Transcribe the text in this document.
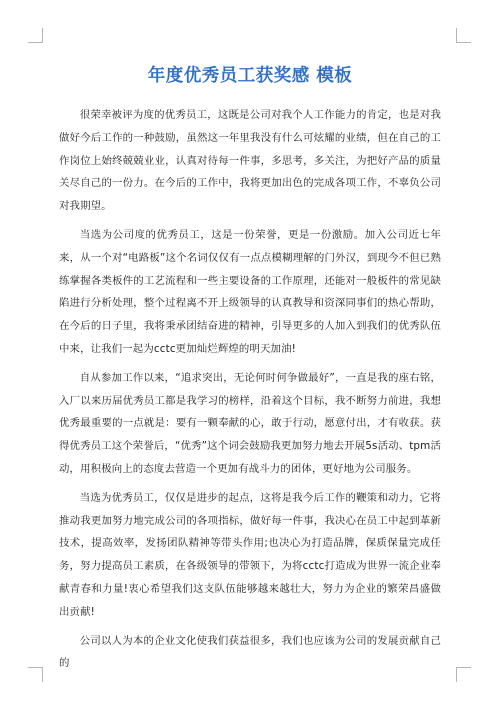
年度优秀员工获奖感 模板

很荣幸被评为度的优秀员工，这既是公司对我个人工作能力的肯定，也是对我做好今后工作的一种鼓励，虽然这一年里我没有什么可炫耀的业绩，但在自己的工作岗位上始终兢兢业业，认真对待每一件事，多思考，多关注，为把好产品的质量关尽自己的一份力。在今后的工作中，我将更加出色的完成各项工作，不辜负公司对我期望。

当选为公司度的优秀员工，这是一份荣誉，更是一份激励。加入公司近七年来，从一个对“电路板”这个名词仅仅有一点点模糊理解的门外汉，到现今不但已熟练掌握各类板件的工艺流程和一些主要设备的工作原理，还能对一般板件的常见缺陷进行分析处理，整个过程离不开上级领导的认真教导和资深同事们的热心帮助，在今后的日子里，我将秉承团结奋进的精神，引导更多的人加入到我们的优秀队伍中来，让我们一起为cctc更加灿烂辉煌的明天加油!

自从参加工作以来，“追求突出，无论何时何争做最好”，一直是我的座右铭，入厂以来历届优秀员工都是我学习的榜样，沿着这个目标，我不断努力前进，我想优秀最重要的一点就是：要有一颗奉献的心，敢于行动，愿意付出，才有收获。获得优秀员工这个荣誉后，“优秀”这个词会鼓励我更加努力地去开展5s活动、tpm活动，用积极向上的态度去营造一个更加有战斗力的团体，更好地为公司服务。

当选为优秀员工，仅仅是进步的起点，这将是我今后工作的鞭策和动力，它将推动我更加努力地完成公司的各项指标，做好每一件事，我决心在员工中起到革新技术，提高效率，发扬团队精神等带头作用;也决心为打造品牌，保质保量完成任务，努力提高员工素质，在各级领导的带领下，为将cctc打造成为世界一流企业奉献青春和力量!衷心希望我们这支队伍能够越来越壮大，努力为企业的繁荣昌盛做出贡献!

公司以人为本的企业文化使我们获益很多，我们也应该为公司的发展贡献自己的
